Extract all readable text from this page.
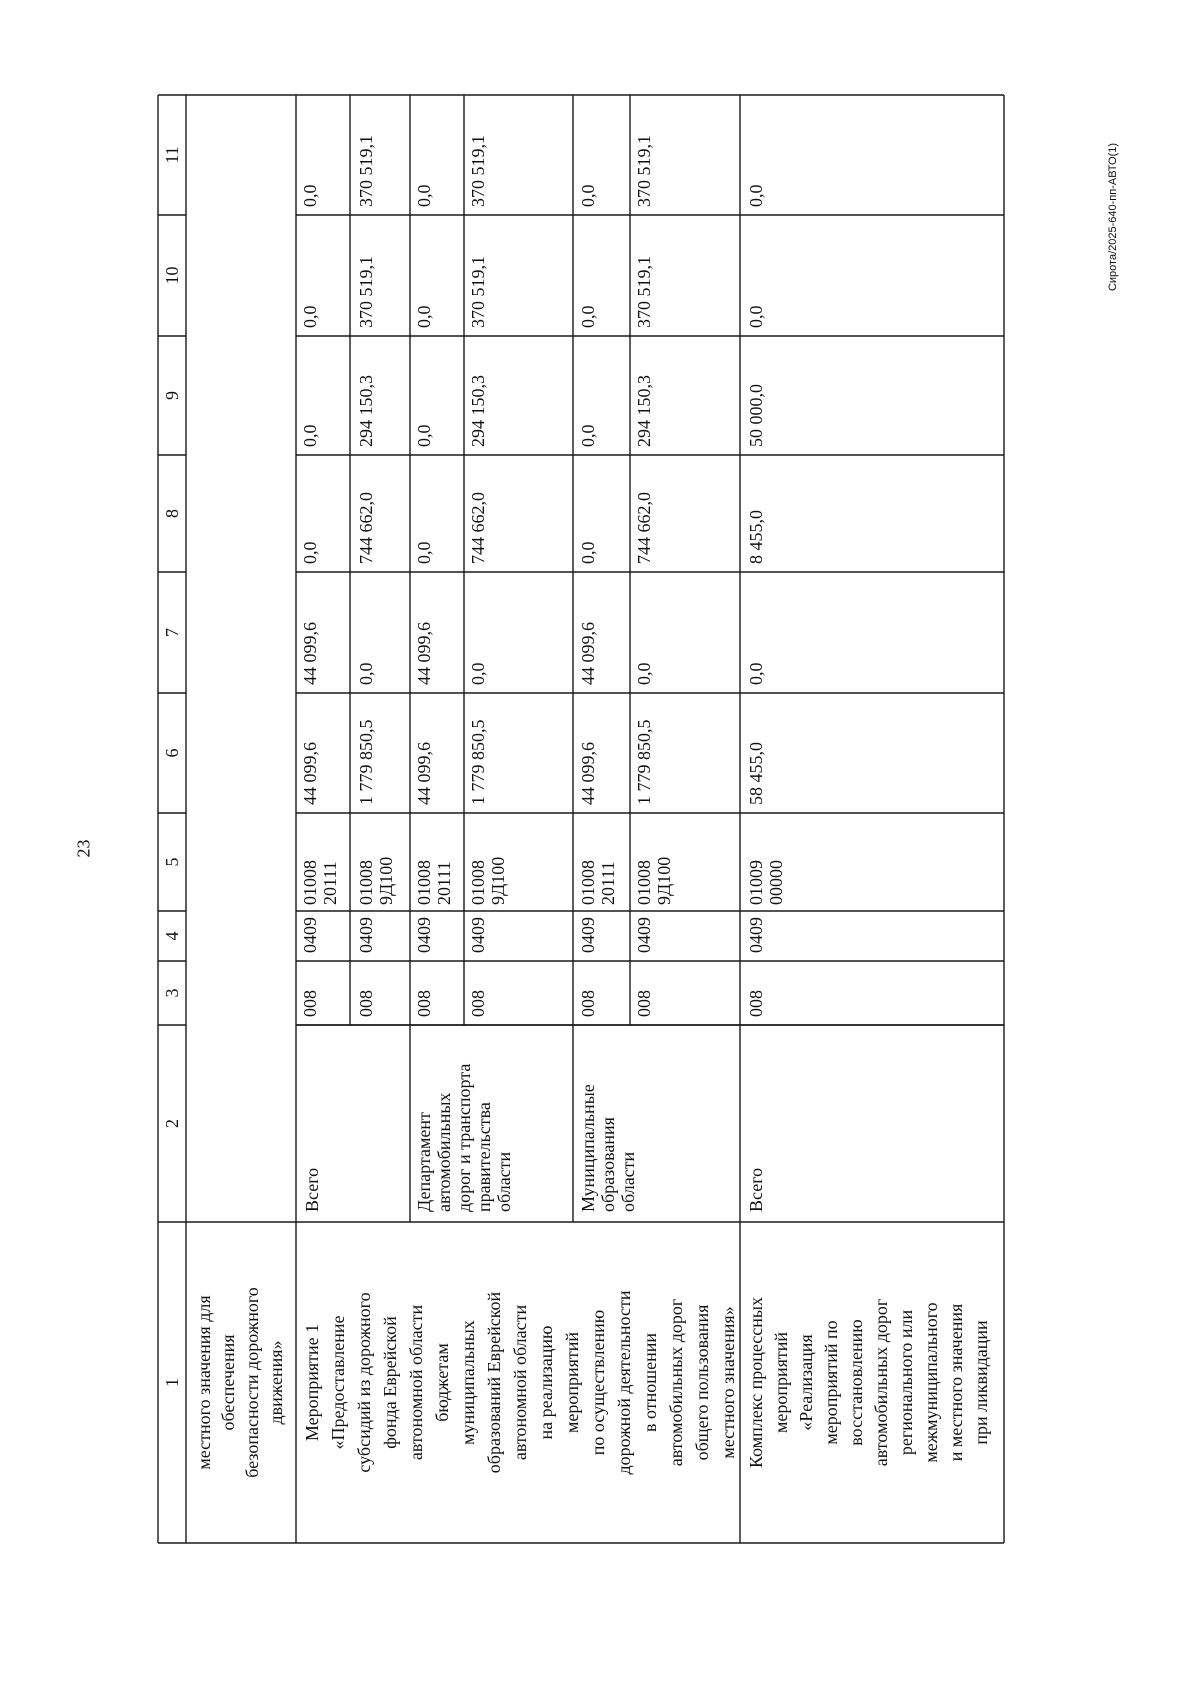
23
Сирота/2025-640-пп-АВТО(1)
1
2
3
4
5
6
7
8
9
10
11
местного значения для обеспечения безопасности дорожного движения» Мероприятие 1 «Предоставление субсидий из дорожного фонда Еврейской автономной области бюджетам муниципальных образований Еврейской автономной области на реализацию мероприятий по осуществлению дорожной деятельности в отношении автомобильных дорог общего пользования местного значения»
Всего	Департамент автомобильных дорог и транспорта правительства области	Муниципальные образования области
008
0409
01008 20111
44 099,6
44 099,6
0,0
0,0
0,0
0,0
008
0409
01008 9Д100
1 779 850,5
0,0
744 662,0
294 150,3
370 519,1
370 519,1
008
0409
01008 20111
44 099,6
44 099,6
0,0
0,0
0,0
0,0
008
0409
01008 9Д100
1 779 850,5
0,0
744 662,0
294 150,3
370 519,1
370 519,1
008
0409
01008 20111
44 099,6
44 099,6
0,0
0,0
0,0
0,0
008
0409
01008 9Д100
1 779 850,5
0,0
744 662,0
294 150,3
370 519,1
370 519,1
Комплекс процессных мероприятий «Реализация мероприятий по восстановлению автомобильных дорог регионального или межмуниципального и местного значения при ликвидации
Всего
008
0409
01009 00000
58 455,0
0,0
8 455,0
50 000,0
0,0
0,0
